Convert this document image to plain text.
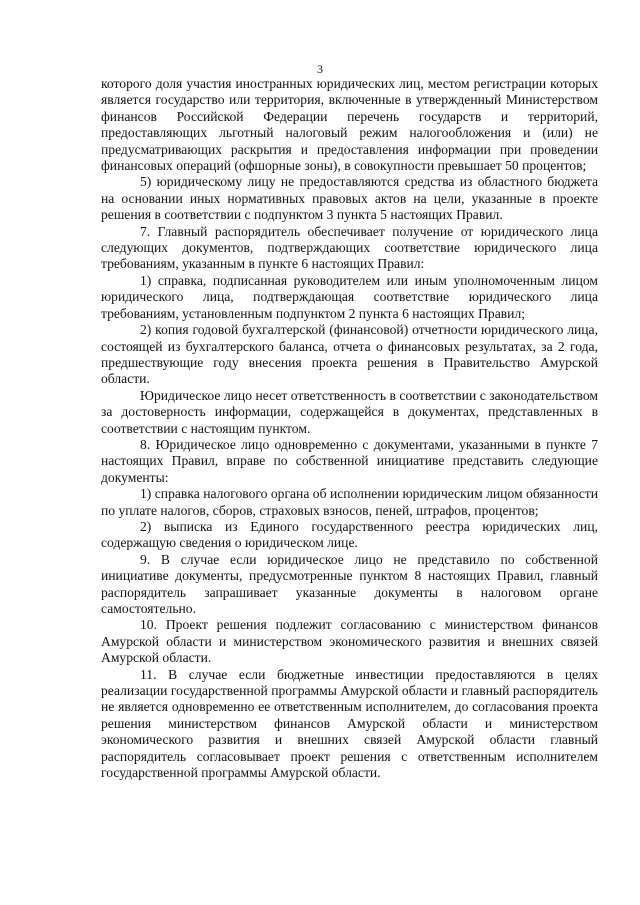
3

которого доля участия иностранных юридических лиц, местом регистрации которых является государство или территория, включенные в утвержденный Министерством финансов Российской Федерации перечень государств и территорий, предоставляющих льготный налоговый режим налогообложения и (или) не предусматривающих раскрытия и предоставления информации при проведении финансовых операций (офшорные зоны), в совокупности превышает 50 процентов;

5) юридическому лицу не предоставляются средства из областного бюджета на основании иных нормативных правовых актов на цели, указанные в проекте решения в соответствии с подпунктом 3 пункта 5 настоящих Правил.

7. Главный распорядитель обеспечивает получение от юридического лица следующих документов, подтверждающих соответствие юридического лица требованиям, указанным в пункте 6 настоящих Правил:

1) справка, подписанная руководителем или иным уполномоченным лицом юридического лица, подтверждающая соответствие юридического лица требованиям, установленным подпунктом 2 пункта 6 настоящих Правил;

2) копия годовой бухгалтерской (финансовой) отчетности юридического лица, состоящей из бухгалтерского баланса, отчета о финансовых результатах, за 2 года, предшествующие году внесения проекта решения в Правительство Амурской области.

Юридическое лицо несет ответственность в соответствии с законодательством за достоверность информации, содержащейся в документах, представленных в соответствии с настоящим пунктом.

8. Юридическое лицо одновременно с документами, указанными в пункте 7 настоящих Правил, вправе по собственной инициативе представить следующие документы:

1) справка налогового органа об исполнении юридическим лицом обязанности по уплате налогов, сборов, страховых взносов, пеней, штрафов, процентов;

2) выписка из Единого государственного реестра юридических лиц, содержащую сведения о юридическом лице.

9. В случае если юридическое лицо не представило по собственной инициативе документы, предусмотренные пунктом 8 настоящих Правил, главный распорядитель запрашивает указанные документы в налоговом органе самостоятельно.

10. Проект решения подлежит согласованию с министерством финансов Амурской области и министерством экономического развития и внешних связей Амурской области.

11. В случае если бюджетные инвестиции предоставляются в целях реализации государственной программы Амурской области и главный распорядитель не является одновременно ее ответственным исполнителем, до согласования проекта решения министерством финансов Амурской области и министерством экономического развития и внешних связей Амурской области главный распорядитель согласовывает проект решения с ответственным исполнителем государственной программы Амурской области.
